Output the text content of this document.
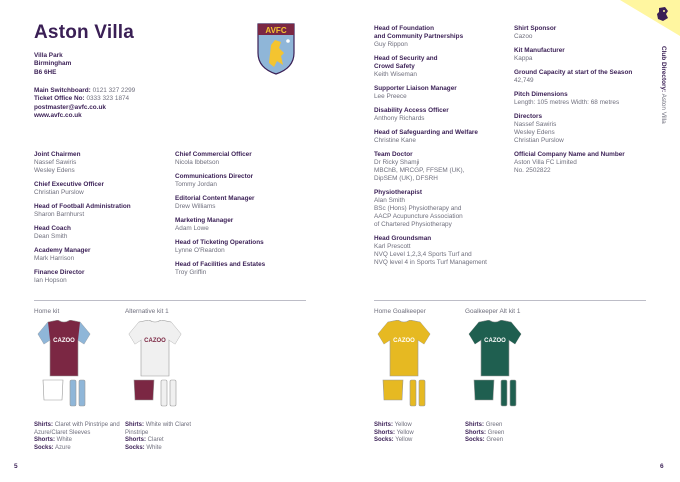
Aston Villa
Villa Park
Birmingham
B6 6HE
Main Switchboard: 0121 327 2299
Ticket Office No: 0333 323 1874
postmaster@avfc.co.uk
www.avfc.co.uk
AVFC
Joint Chairmen
Nassef Sawiris
Wesley Edens
Chief Executive Officer
Christian Purslow
Head of Football Administration
Sharon Barnhurst
Head Coach
Dean Smith
Academy Manager
Mark Harrison
Finance Director
Ian Hopson
Chief Commercial Officer
Nicola Ibbetson
Communications Director
Tommy Jordan
Editorial Content Manager
Drew Williams
Marketing Manager
Adam Lowe
Head of Ticketing Operations
Lynne O'Reardon
Head of Facilities and Estates
Troy Griffin
Head of Foundation
and Community Partnerships
Guy Rippon
Head of Security and
Crowd Safety
Keith Wiseman
Supporter Liaison Manager
Lee Preece
Disability Access Officer
Anthony Richards
Head of Safeguarding and Welfare
Christine Kane
Team Doctor
Dr Ricky Shamji
MBChB, MRCGP, FFSEM (UK),
DipSEM (UK), DFSRH
Physiotherapist
Alan Smith
BSc (Hons) Physiotherapy and
AACP Acupuncture Association
of Chartered Physiotherapy
Head Groundsman
Karl Prescott
NVQ Level 1,2,3,4 Sports Turf and
NVQ level 4 in Sports Turf Management
Shirt Sponsor
Cazoo
Kit Manufacturer
Kappa
Ground Capacity at start of the Season
42,749
Pitch Dimensions
Length: 105 metres Width: 68 metres
Directors
Nassef Sawiris
Wesley Edens
Christian Purslow
Official Company Name and Number
Aston Villa FC Limited
No. 2502822
Club Directory: Aston Villa
Home kit
CAZOO
Shirts: Claret with Pinstripe and Azure/Claret Sleeves
Shorts: White
Socks: Azure
Alternative kit 1
CAZOO
Shirts: White with Claret Pinstripe
Shorts: Claret
Socks: White
Home Goalkeeper
CAZOO
Shirts: Yellow
Shorts: Yellow
Socks: Yellow
Goalkeeper Alt kit 1
CAZOO
Shirts: Green
Shorts: Green
Socks: Green
5	6
